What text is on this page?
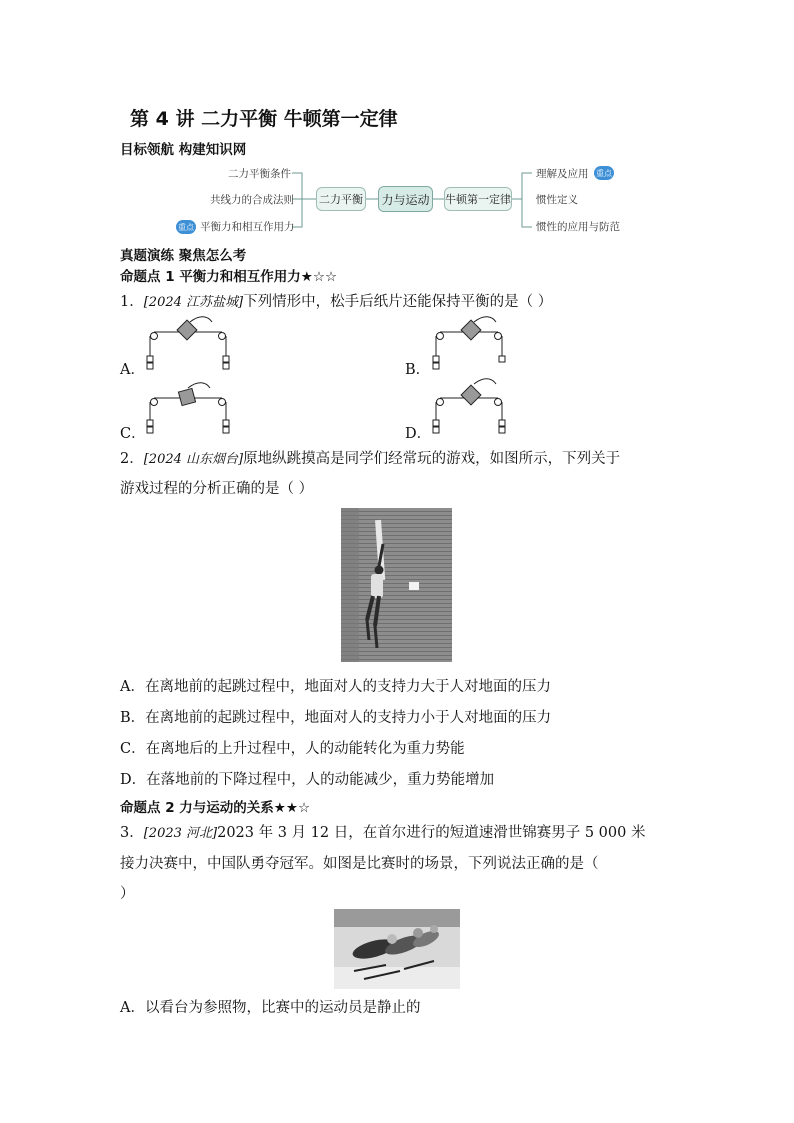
第 4 讲 二力平衡 牛顿第一定律
目标领航 构建知识网
二力平衡条件
共线力的合成法则
重点 平衡力和相互作用力
二力平衡 力与运动	牛顿第一定律
理解及应用 重点
惯性定义
惯性的应用与防范
真题演练 聚焦怎么考
命题点 1 平衡力和相互作用力★☆☆
1．[2024 江苏盐城]下列情形中，松手后纸片还能保持平衡的是（ ）
A．	B．
C．	D．
2．[2024 山东烟台]原地纵跳摸高是同学们经常玩的游戏，如图所示，下列关于
游戏过程的分析正确的是（ ）
A．在离地前的起跳过程中，地面对人的支持力大于人对地面的压力
B．在离地前的起跳过程中，地面对人的支持力小于人对地面的压力
C．在离地后的上升过程中，人的动能转化为重力势能
D．在落地前的下降过程中，人的动能减少，重力势能增加
命题点 2 力与运动的关系★★☆
3．[2023 河北]2023 年 3 月 12 日，在首尔进行的短道速滑世锦赛男子 5 000 米
接力决赛中，中国队勇夺冠军。如图是比赛时的场景，下列说法正确的是（
）
A．以看台为参照物，比赛中的运动员是静止的
